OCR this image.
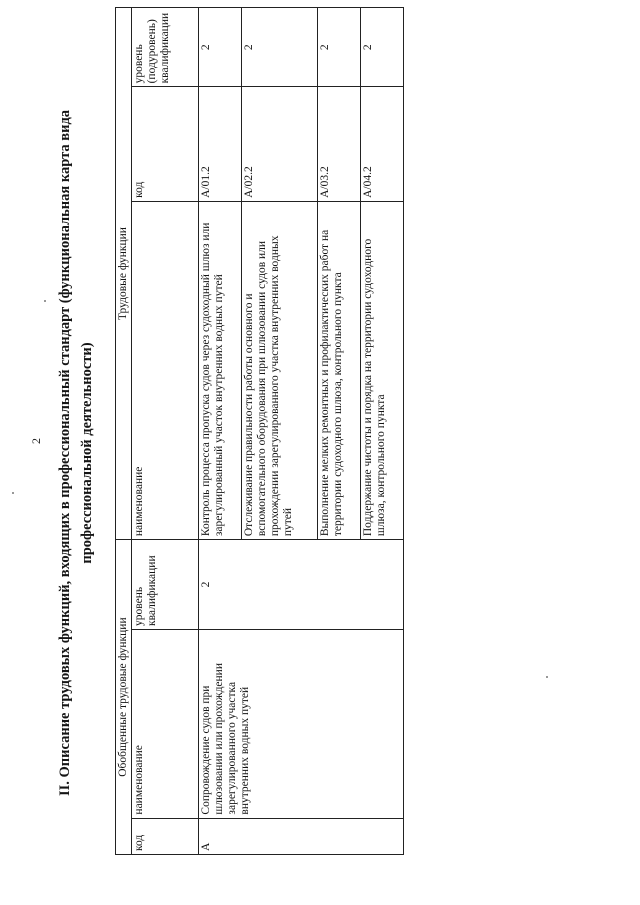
2 II. Описание трудовых функций, входящих в профессиональный стандарт (функциональная карта вида профессиональной деятельности)
Обобщенные трудовые функции			Трудовые функции		
код	наименование	уровень квалификации	наименование	код	уровень (подуровень) квалификации
А	Сопровождение судов при шлюзовании или прохождении зарегулированного участка внутренних водных путей	2	Контроль процесса пропуска судов через судоходный шлюз или зарегулированный участок внутренних водных путей	A/01.2	2
			Отслеживание правильности работы основного и вспомогательного оборудования при шлюзовании судов или прохождении зарегулированного участка внутренних водных путей	A/02.2	2
			Выполнение мелких ремонтных и профилактических работ на территории судоходного шлюза, контрольного пункта	A/03.2	2
			Поддержание чистоты и порядка на территории судоходного шлюза, контрольного пункта	A/04.2	2
